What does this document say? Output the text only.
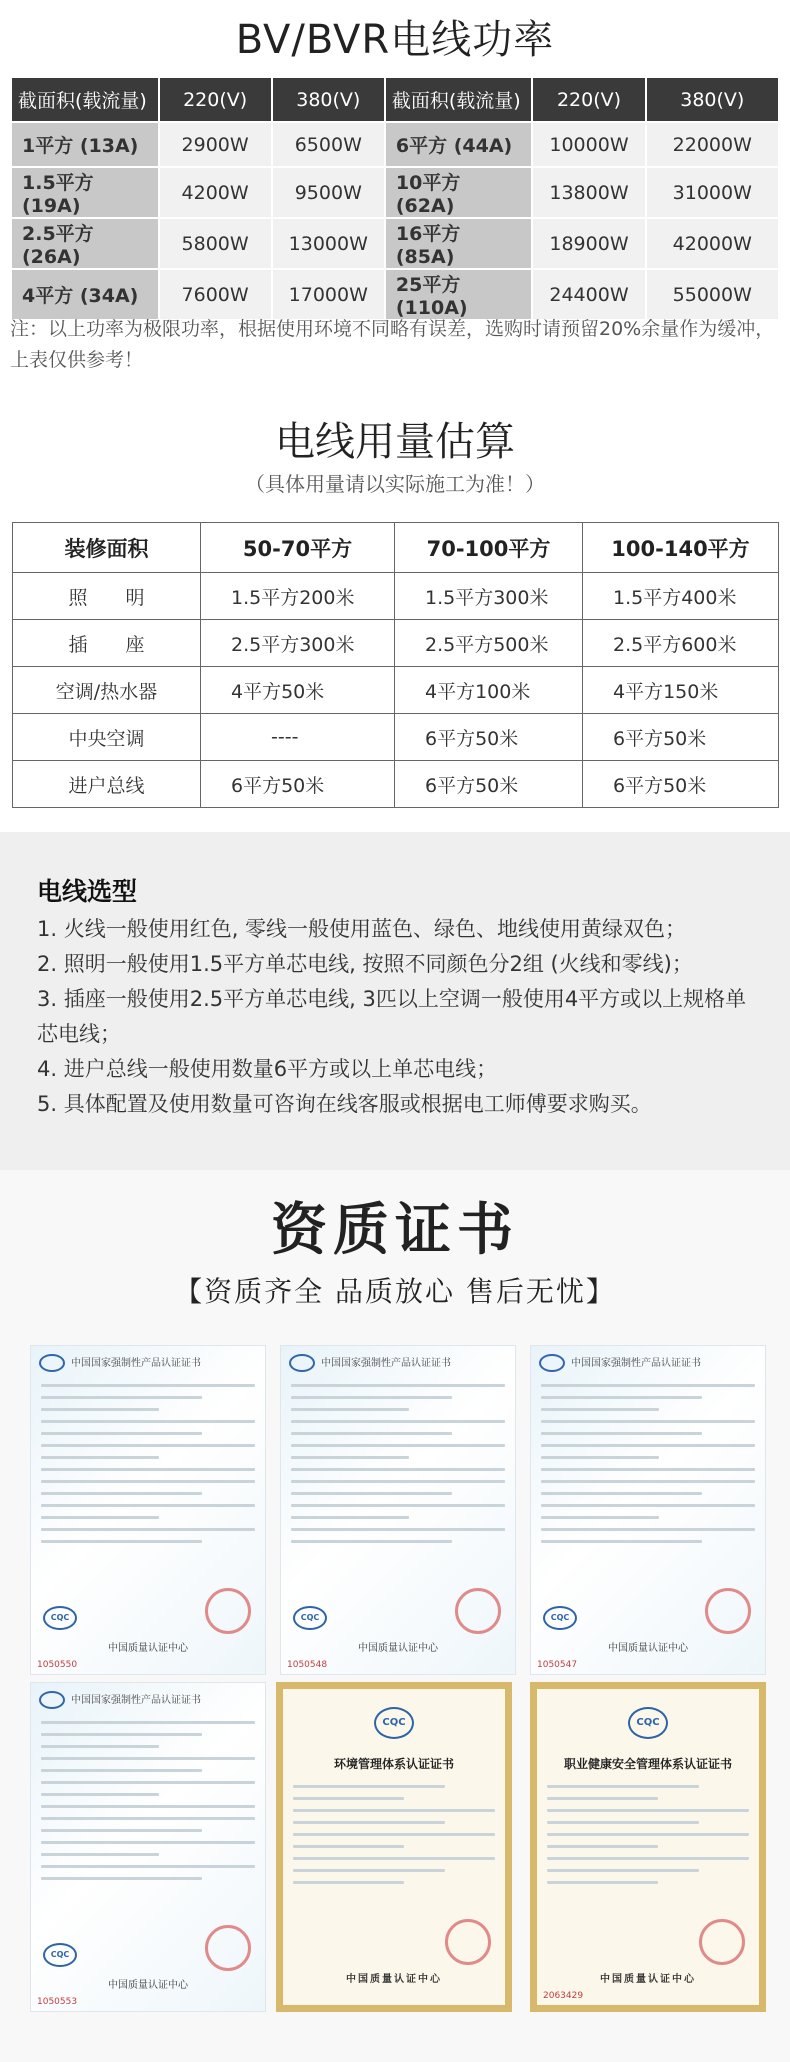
BV/BVR电线功率
截面积(载流量)	220(V)	380(V)	截面积(载流量)	220(V)	380(V)
1平方 (13A)	2900W	6500W	6平方 (44A)	10000W	22000W
1.5平方 (19A)	4200W	9500W	10平方 (62A)	13800W	31000W
2.5平方 (26A)	5800W	13000W	16平方 (85A)	18900W	42000W
4平方 (34A)	7600W	17000W	25平方 (110A)	24400W	55000W
注：以上功率为极限功率，根据使用环境不同略有误差，选购时请预留20%余量作为缓冲，上表仅供参考！
电线用量估算
（具体用量请以实际施工为准！）
装修面积	50-70平方	70-100平方	100-140平方
照　　明	1.5平方200米	1.5平方300米	1.5平方400米
插　　座	2.5平方300米	2.5平方500米	2.5平方600米
空调/热水器	4平方50米	4平方100米	4平方150米
中央空调	----	6平方50米	6平方50米
进户总线	6平方50米	6平方50米	6平方50米
电线选型
1. 火线一般使用红色, 零线一般使用蓝色、绿色、地线使用黄绿双色；
2. 照明一般使用1.5平方单芯电线, 按照不同颜色分2组 (火线和零线)；
3. 插座一般使用2.5平方单芯电线, 3匹以上空调一般使用4平方或以上规格单芯电线；
4. 进户总线一般使用数量6平方或以上单芯电线；
5. 具体配置及使用数量可咨询在线客服或根据电工师傅要求购买。
资质证书
【资质齐全 品质放心 售后无忧】
中国国家强制性产品认证证书
CQC
中国质量认证中心
1050550
中国国家强制性产品认证证书
CQC
中国质量认证中心
1050548
中国国家强制性产品认证证书
CQC
中国质量认证中心
1050547
中国国家强制性产品认证证书
CQC
中国质量认证中心
1050553
CQC
环境管理体系认证证书
中国质量认证中心
CQC
职业健康安全管理体系认证证书
中国质量认证中心
2063429
